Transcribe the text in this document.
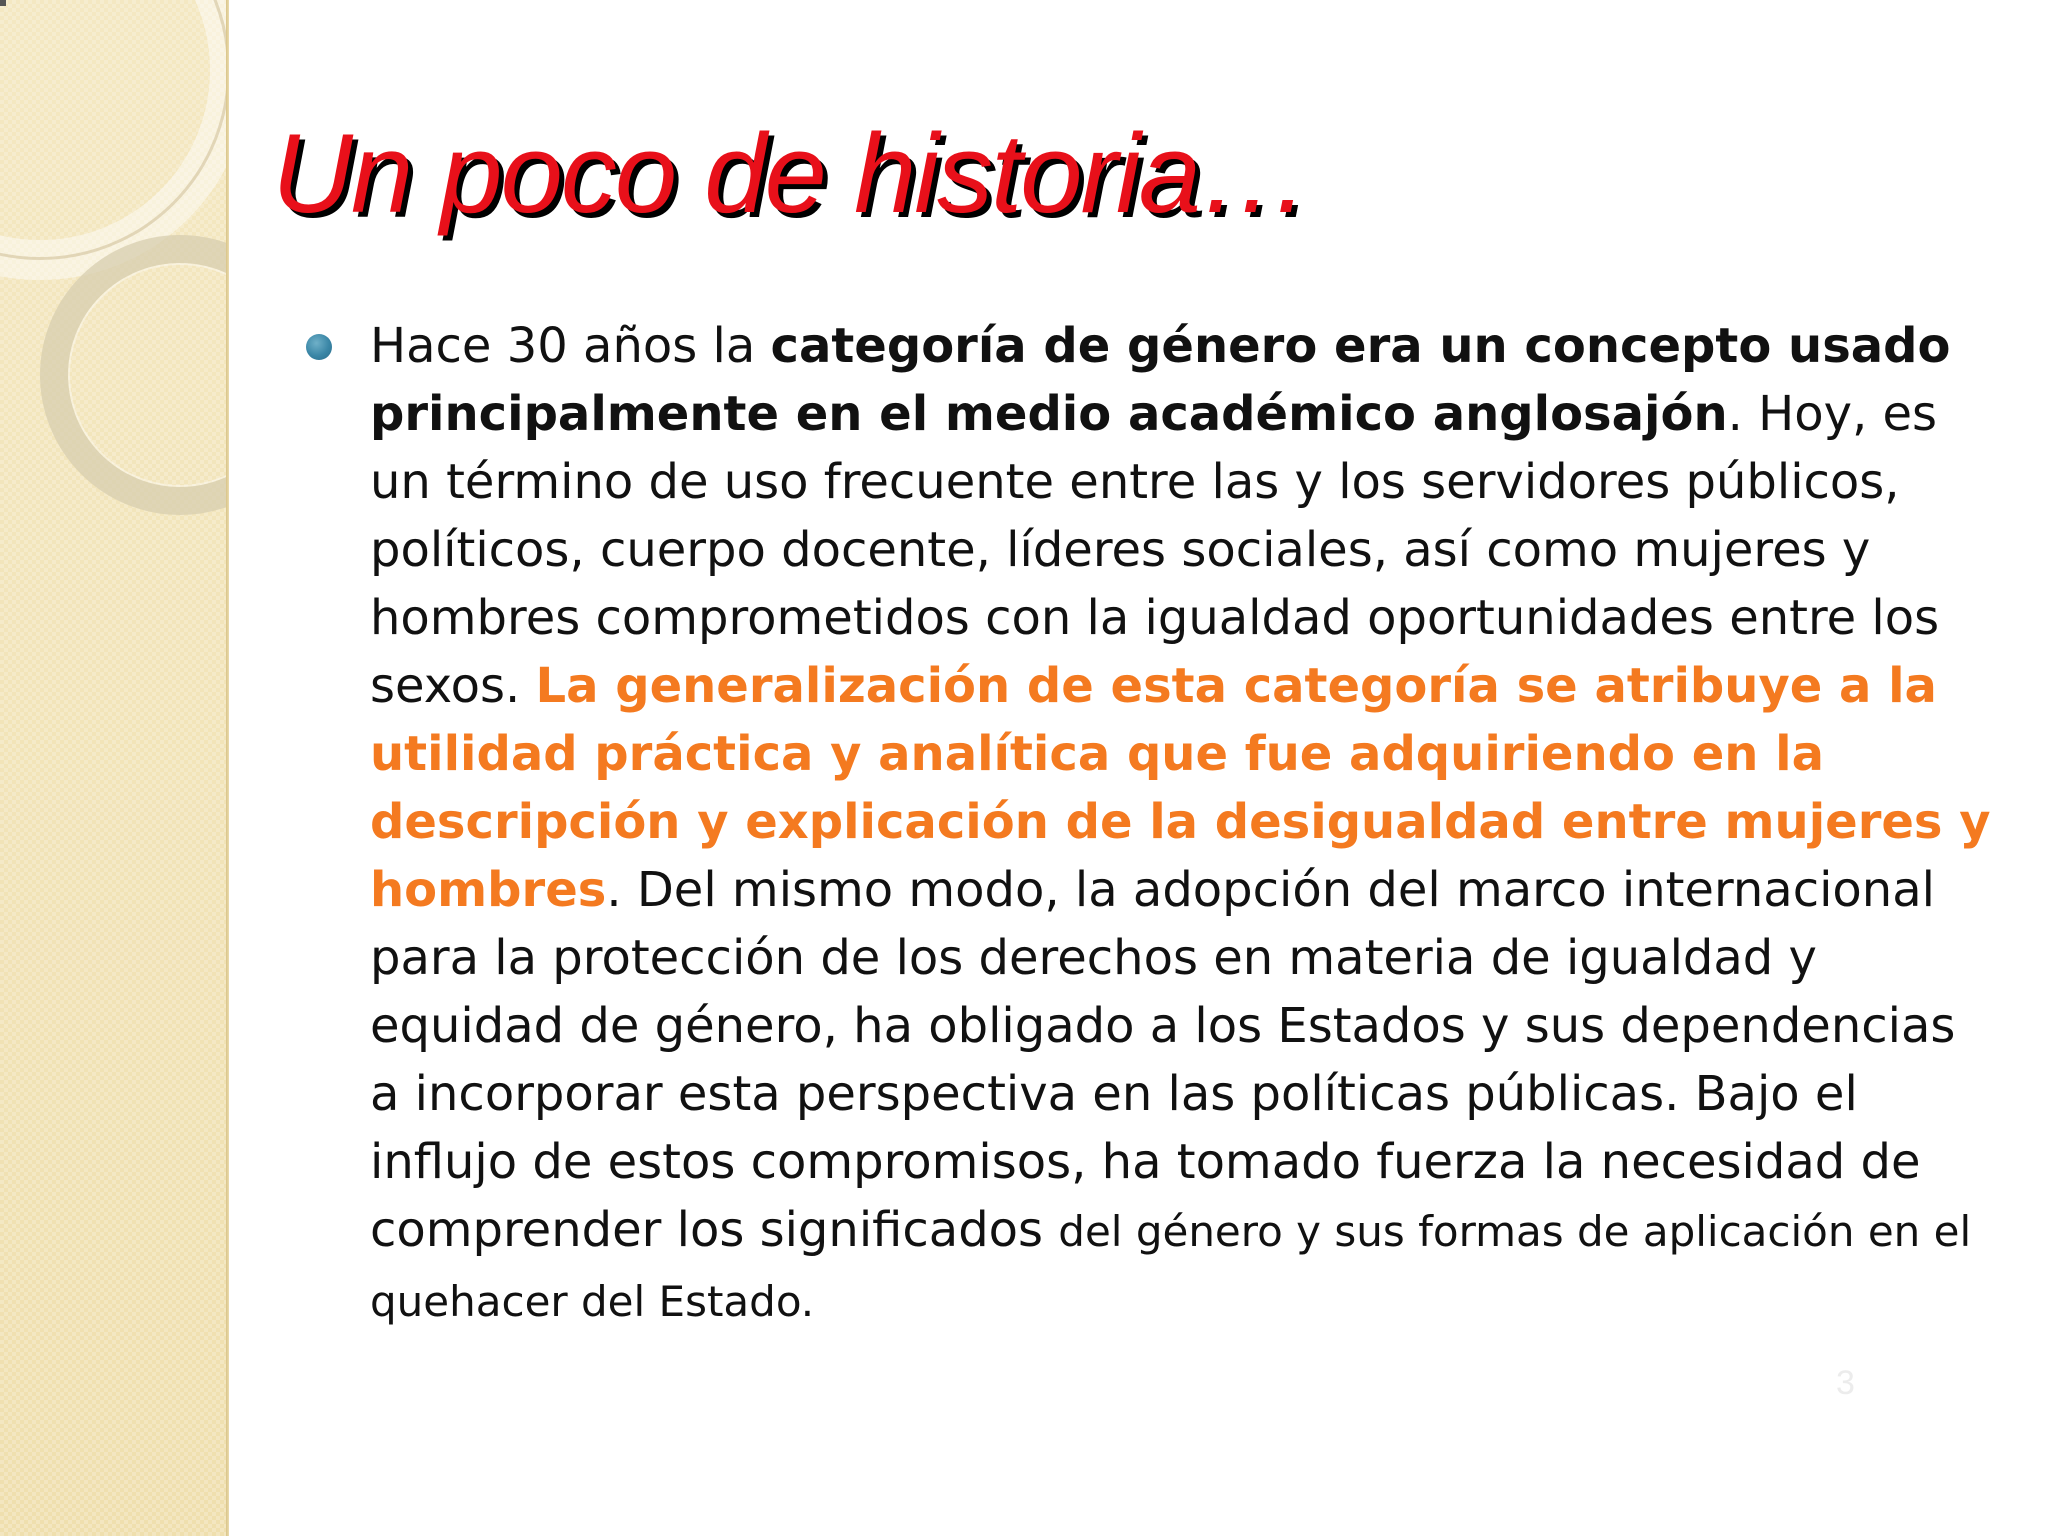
Un poco de historia…

Hace 30 años la categoría de género era un concepto usado principalmente en el medio académico anglosajón. Hoy, es un término de uso frecuente entre las y los servidores públicos, políticos, cuerpo docente, líderes sociales, así como mujeres y hombres comprometidos con la igualdad oportunidades entre los sexos. La generalización de esta categoría se atribuye a la utilidad práctica y analítica que fue adquiriendo en la descripción y explicación de la desigualdad entre mujeres y hombres. Del mismo modo, la adopción del marco internacional para la protección de los derechos en materia de igualdad y equidad de género, ha obligado a los Estados y sus dependencias a incorporar esta perspectiva en las políticas públicas. Bajo el influjo de estos compromisos, ha tomado fuerza la necesidad de comprender los significados del género y sus formas de aplicación en el quehacer del Estado.

3
